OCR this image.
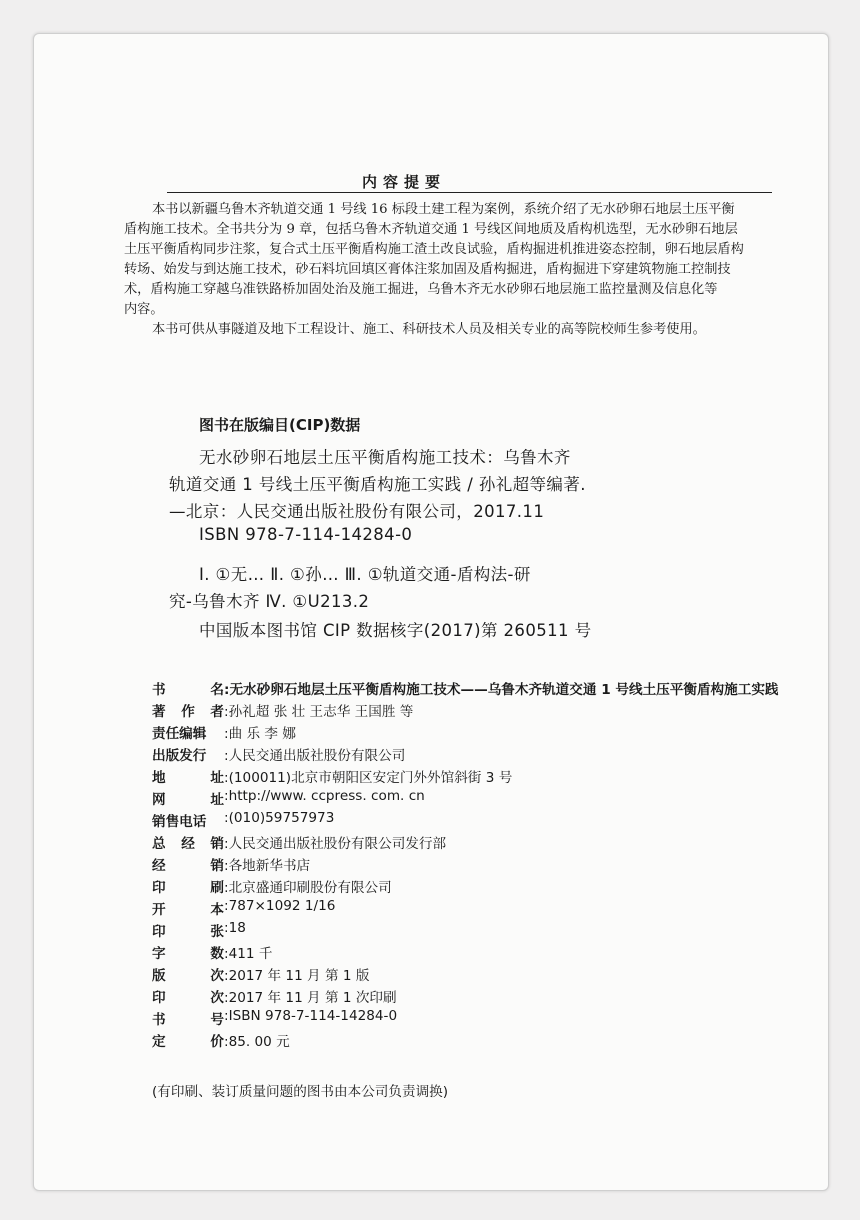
内容提要
本书以新疆乌鲁木齐轨道交通 1 号线 16 标段土建工程为案例，系统介绍了无水砂卵石地层土压平衡
盾构施工技术。全书共分为 9 章，包括乌鲁木齐轨道交通 1 号线区间地质及盾构机选型，无水砂卵石地层
土压平衡盾构同步注浆，复合式土压平衡盾构施工渣土改良试验，盾构掘进机推进姿态控制，卵石地层盾构
转场、始发与到达施工技术，砂石料坑回填区膏体注浆加固及盾构掘进，盾构掘进下穿建筑物施工控制技
术，盾构施工穿越乌准铁路桥加固处治及施工掘进，乌鲁木齐无水砂卵石地层施工监控量测及信息化等
内容。
本书可供从事隧道及地下工程设计、施工、科研技术人员及相关专业的高等院校师生参考使用。
图书在版编目(CIP)数据
无水砂卵石地层土压平衡盾构施工技术：乌鲁木齐
轨道交通 1 号线土压平衡盾构施工实践 / 孙礼超等编著.
—北京：人民交通出版社股份有限公司，2017.11
ISBN 978-7-114-14284-0
Ⅰ. ①无… Ⅱ. ①孙… Ⅲ. ①轨道交通-盾构法-研
究-乌鲁木齐 Ⅳ. ①U213.2
中国版本图书馆 CIP 数据核字(2017)第 260511 号
书	名 :无水砂卵石地层土压平衡盾构施工技术——乌鲁木齐轨道交通 1 号线土压平衡盾构施工实践
著 作 者 :孙礼超 张 壮 王志华 王国胜 等
责任编辑	:曲 乐 李 娜
出版发行	:人民交通出版社股份有限公司
地	址 :(100011)北京市朝阳区安定门外外馆斜街 3 号
网	址 :http://www. ccpress. com. cn
销售电话	:(010)59757973
总 经 销 :人民交通出版社股份有限公司发行部
经	销 :各地新华书店
印	刷 :北京盛通印刷股份有限公司
开	本 :787×1092 1/16
印	张 :18
字	数 :411 千
版	次 :2017 年 11 月 第 1 版
印	次 :2017 年 11 月 第 1 次印刷
书	号 :ISBN 978-7-114-14284-0
定	价 :85. 00 元
(有印刷、装订质量问题的图书由本公司负责调换)
